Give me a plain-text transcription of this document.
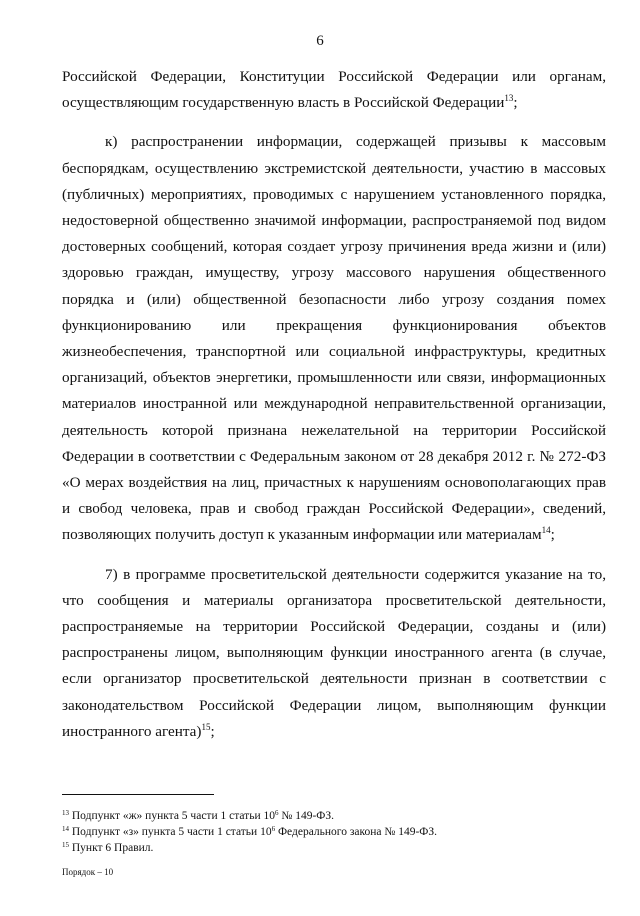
6

Российской Федерации, Конституции Российской Федерации или органам, осуществляющим государственную власть в Российской Федерации$^{13}$;

к) распространении информации, содержащей призывы к массовым беспорядкам, осуществлению экстремистской деятельности, участию в массовых (публичных) мероприятиях, проводимых с нарушением установленного порядка, недостоверной общественно значимой информации, распространяемой под видом достоверных сообщений, которая создает угрозу причинения вреда жизни и (или) здоровью граждан, имуществу, угрозу массового нарушения общественного порядка и (или) общественной безопасности либо угрозу создания помех функционированию или прекращения функционирования объектов жизнеобеспечения, транспортной или социальной инфраструктуры, кредитных организаций, объектов энергетики, промышленности или связи, информационных материалов иностранной или международной неправительственной организации, деятельность которой признана нежелательной на территории Российской Федерации в соответствии с Федеральным законом от 28 декабря 2012 г. № 272-ФЗ «О мерах воздействия на лиц, причастных к нарушениям основополагающих прав и свобод человека, прав и свобод граждан Российской Федерации», сведений, позволяющих получить доступ к указанным информации или материалам$^{14}$;

7) в программе просветительской деятельности содержится указание на то, что сообщения и материалы организатора просветительской деятельности, распространяемые на территории Российской Федерации, созданы и (или) распространены лицом, выполняющим функции иностранного агента (в случае, если организатор просветительской деятельности признан в соответствии с законодательством Российской Федерации лицом, выполняющим функции иностранного агента)$^{15}$;

$^{13}$ Подпункт «ж» пункта 5 части 1 статьи $10^6$ № 149-ФЗ.

$^{14}$ Подпункт «з» пункта 5 части 1 статьи $10^6$ Федерального закона № 149-ФЗ.

$^{15}$ Пункт 6 Правил.

Порядок – 10
